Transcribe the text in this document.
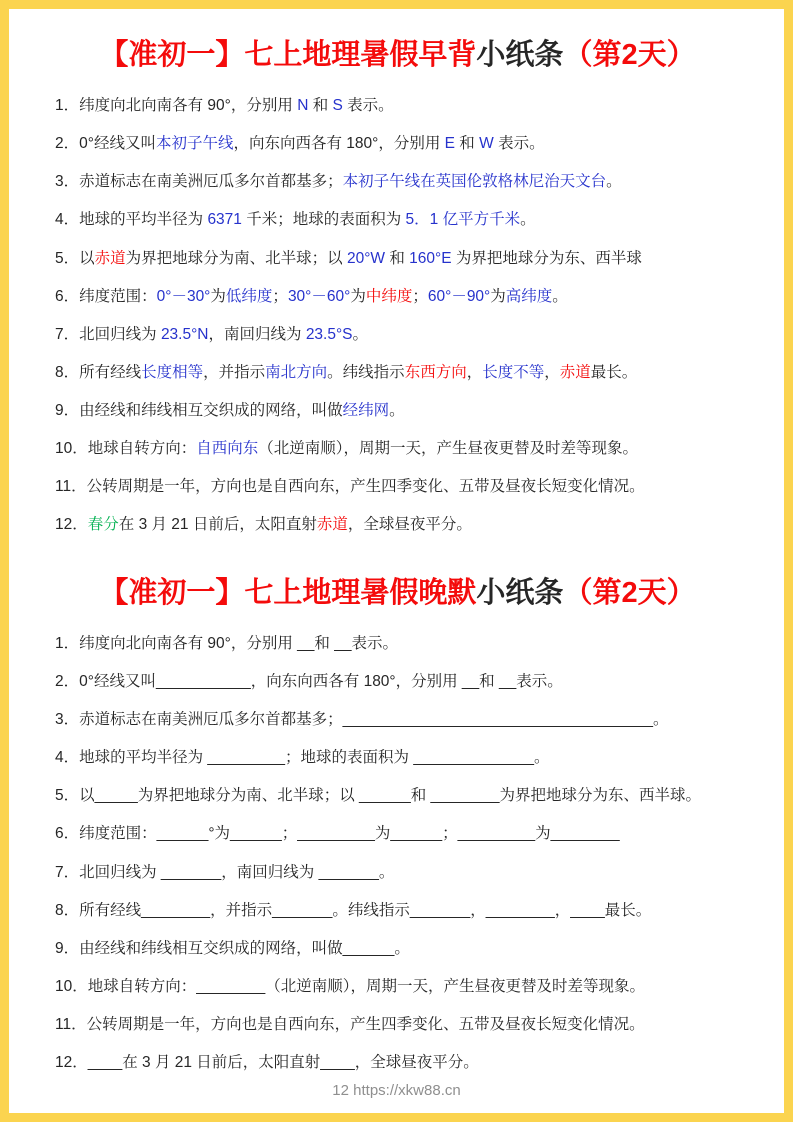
【准初一】七上地理暑假早背小纸条（第2天）

1．纬度向北向南各有 90°，分别用 N 和 S 表示。

2．0°经线又叫本初子午线，向东向西各有 180°，分别用 E 和 W 表示。

3．赤道标志在南美洲厄瓜多尔首都基多；本初子午线在英国伦敦格林尼治天文台。

4．地球的平均半径为 6371 千米；地球的表面积为 5．1 亿平方千米。

5．以赤道为界把地球分为南、北半球；以 20°W 和 160°E 为界把地球分为东、西半球

6．纬度范围：0°－30°为低纬度；30°－60°为中纬度；60°－90°为高纬度。

7．北回归线为 23.5°N，南回归线为 23.5°S。

8．所有经线长度相等，并指示南北方向。纬线指示东西方向，长度不等，赤道最长。

9．由经线和纬线相互交织成的网络，叫做经纬网。

10．地球自转方向：自西向东（北逆南顺），周期一天，产生昼夜更替及时差等现象。

11．公转周期是一年，方向也是自西向东，产生四季变化、五带及昼夜长短变化情况。

12．春分在 3 月 21 日前后，太阳直射赤道，全球昼夜平分。

【准初一】七上地理暑假晚默小纸条（第2天）

1．纬度向北向南各有 90°，分别用 __和 __表示。

2．0°经线又叫___________，向东向西各有 180°，分别用 __和 __表示。

3．赤道标志在南美洲厄瓜多尔首都基多；____________________________________。

4．地球的平均半径为 _________；地球的表面积为 ______________。

5．以_____为界把地球分为南、北半球；以 ______和 ________为界把地球分为东、西半球。

6．纬度范围：______°为______；_________为______；_________为________

7．北回归线为 _______，南回归线为 _______。

8．所有经线________，并指示_______。纬线指示_______，________，____最长。

9．由经线和纬线相互交织成的网络，叫做______。

10．地球自转方向：________（北逆南顺），周期一天，产生昼夜更替及时差等现象。

11．公转周期是一年，方向也是自西向东，产生四季变化、五带及昼夜长短变化情况。

12．____在 3 月 21 日前后，太阳直射____，全球昼夜平分。

12 https://xkw88.cn
